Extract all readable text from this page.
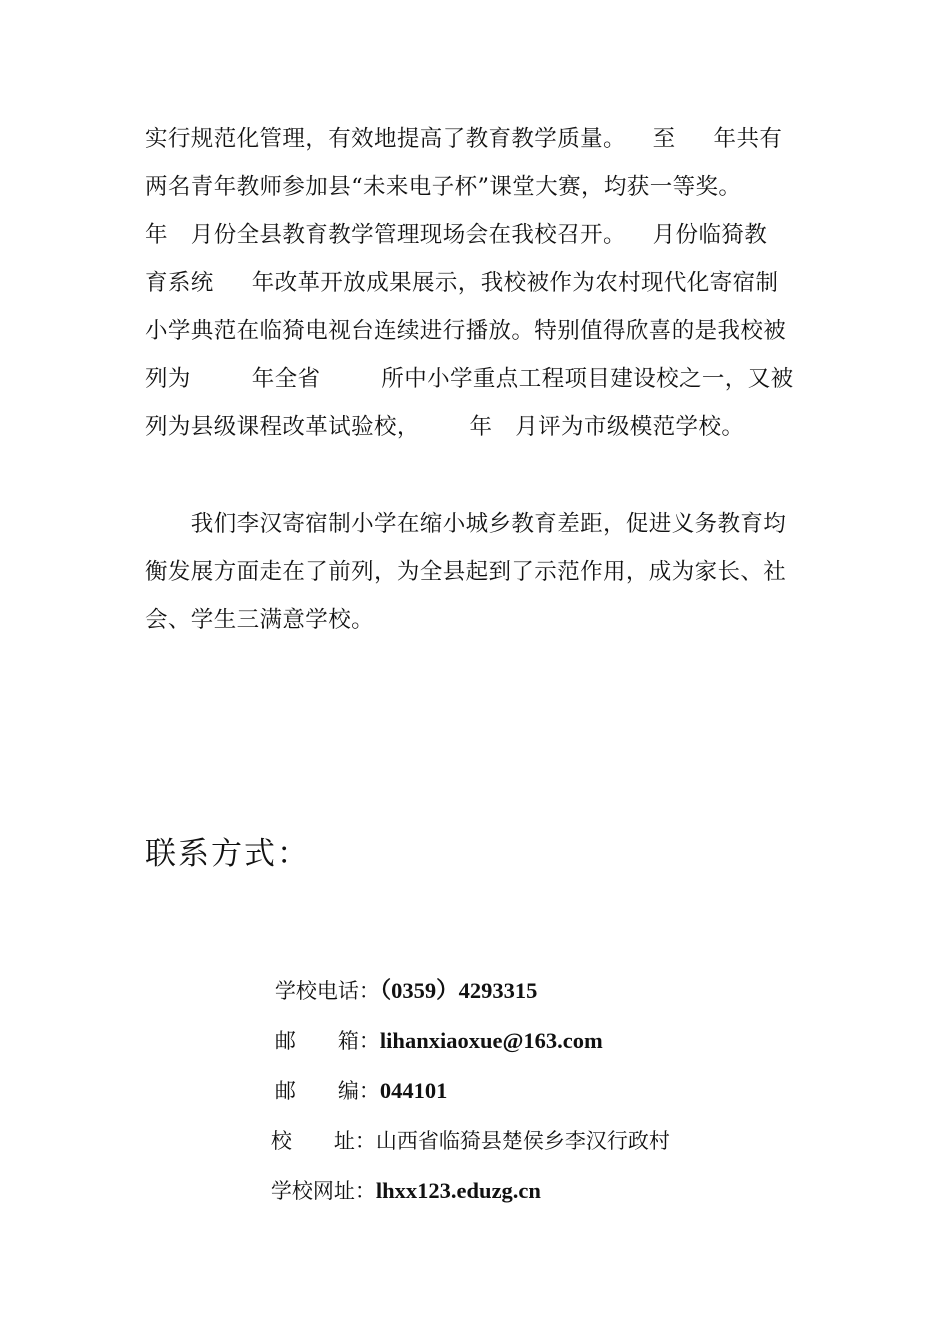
实行规范化管理，有效地提高了教育教学质量。　  至　  年共有
两名青年教师参加县“未来电子杯”课堂大赛，均获一等奖。
年　月份全县教育教学管理现场会在我校召开。　  月份临猗教
育系统　  年改革开放成果展示，我校被作为农村现代化寄宿制
小学典范在临猗电视台连续进行播放。特别值得欣喜的是我校被
列为　　  年全省　　  所中小学重点工程项目建设校之一，又被
列为县级课程改革试验校，　　  年　月评为市级模范学校。
　　我们李汉寄宿制小学在缩小城乡教育差距，促进义务教育均
衡发展方面走在了前列，为全县起到了示范作用，成为家长、社
会、学生三满意学校。
联系方式：

学校电话：（0359）4293315

邮　　箱：lihanxiaoxue@163.com

邮　　编：044101

校　　址：山西省临猗县楚侯乡李汉行政村

学校网址：lhxx123.eduzg.cn
